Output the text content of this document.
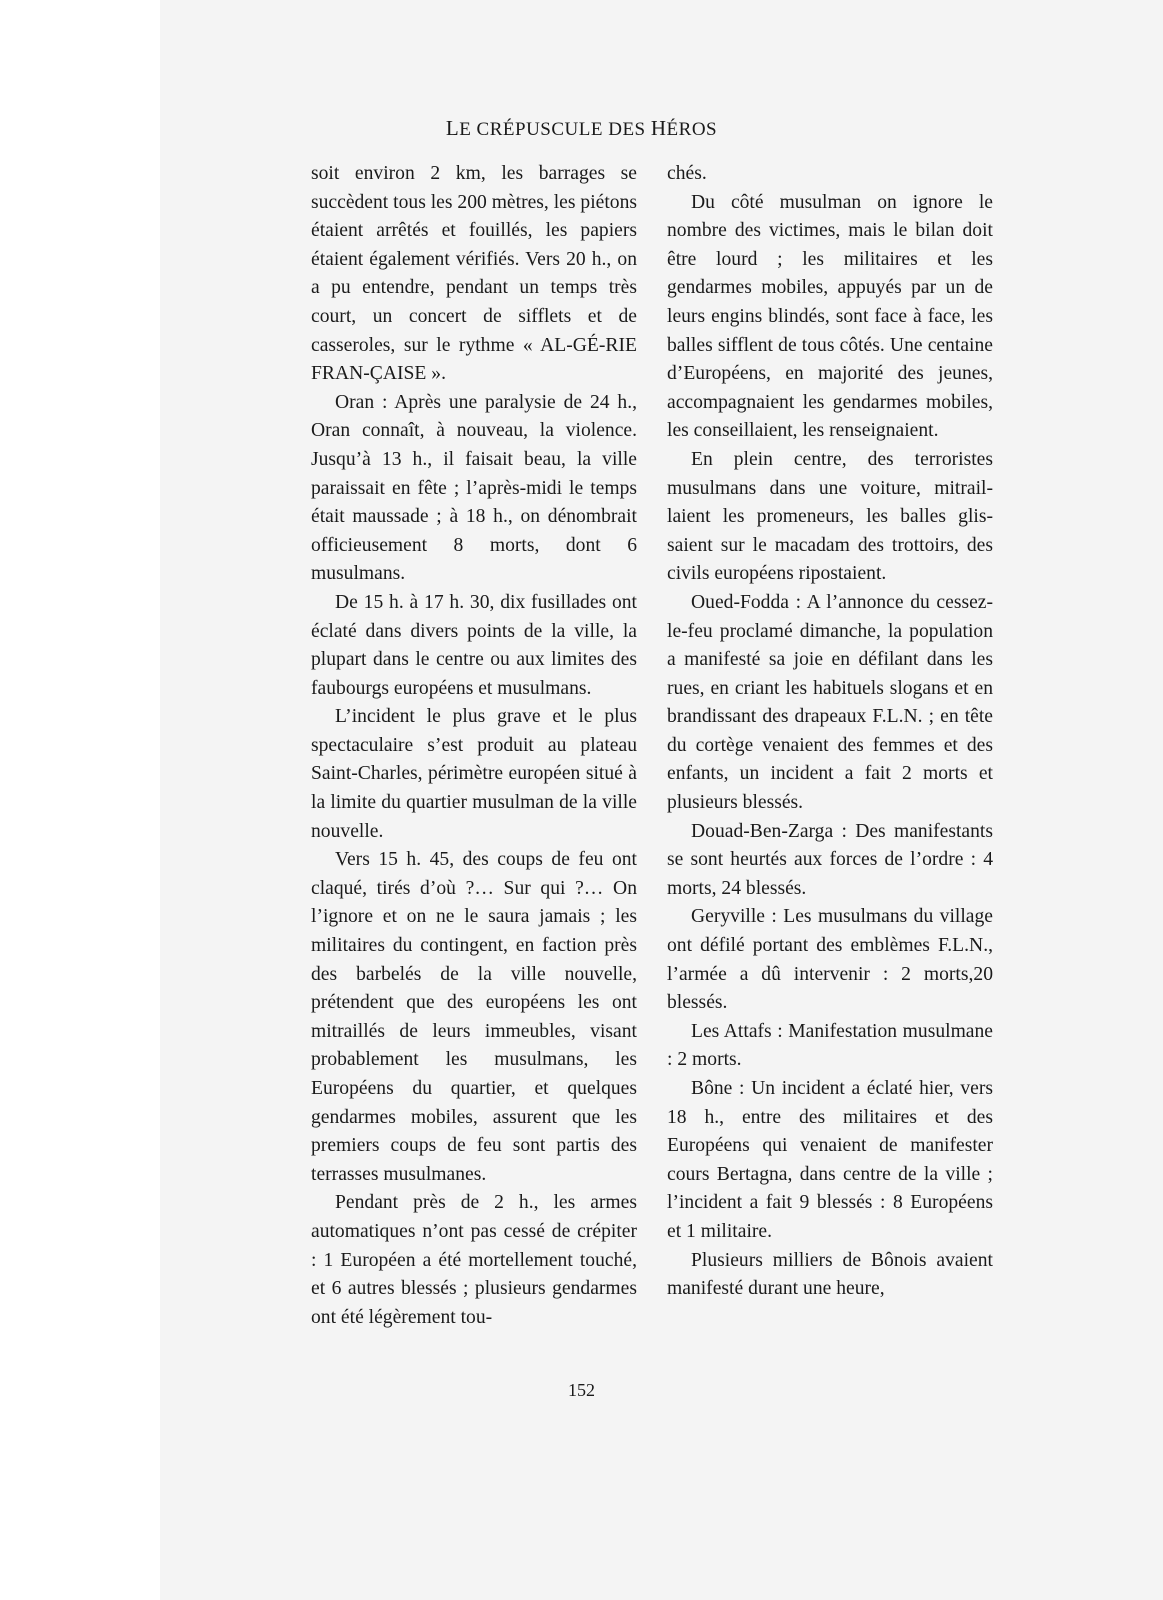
LE CRÉPUSCULE DES HÉROS

soit environ 2 km, les barrages se succèdent tous les 200 mètres, les piétons étaient arrêtés et fouillés, les papiers étaient également vérifiés. Vers 20 h., on a pu entendre, pendant un temps très court, un concert de sifflets et de casseroles, sur le rythme « AL-GÉ-RIE FRAN-ÇAISE ».

Oran : Après une paralysie de 24 h., Oran connaît, à nouveau, la violence. Jusqu’à 13 h., il faisait beau, la ville paraissait en fête ; l’après-midi le temps était maussade ; à 18 h., on dénombrait officieusement 8 morts, dont 6 musulmans.

De 15 h. à 17 h. 30, dix fusillades ont éclaté dans divers points de la ville, la plupart dans le centre ou aux limites des faubourgs européens et musulmans.

L’incident le plus grave et le plus spectaculaire s’est produit au plateau Saint-Charles, périmètre européen situé à la limite du quartier musulman de la ville nouvelle.

Vers 15 h. 45, des coups de feu ont claqué, tirés d’où ?… Sur qui ?… On l’ignore et on ne le saura jamais ; les militaires du contingent, en faction près des barbelés de la ville nouvelle, prétendent que des européens les ont mitraillés de leurs immeubles, visant probablement les musulmans, les Européens du quartier, et quelques gendarmes mobiles, assurent que les premiers coups de feu sont partis des terrasses musulmanes.

Pendant près de 2 h., les armes automatiques n’ont pas cessé de crépiter : 1 Européen a été mortellement touché, et 6 autres blessés ; plusieurs gendarmes ont été légèrement tou-

chés.

Du côté musulman on ignore le nombre des victimes, mais le bilan doit être lourd ; les militaires et les gendarmes mobiles, appuyés par un de leurs engins blindés, sont face à face, les balles sifflent de tous côtés. Une centaine d’Européens, en majorité des jeunes, accompagnaient les gendarmes mobiles, les conseillaient, les renseignaient.

En plein centre, des terroristes musulmans dans une voiture, mitraillaient les promeneurs, les balles glissaient sur le macadam des trottoirs, des civils européens ripostaient.

Oued-Fodda : A l’annonce du cessez-le-feu proclamé dimanche, la population a manifesté sa joie en défilant dans les rues, en criant les habituels slogans et en brandissant des drapeaux F.L.N. ; en tête du cortège venaient des femmes et des enfants, un incident a fait 2 morts et plusieurs blessés.

Douad-Ben-Zarga : Des manifestants se sont heurtés aux forces de l’ordre : 4 morts, 24 blessés.

Geryville : Les musulmans du village ont défilé portant des emblèmes F.L.N., l’armée a dû intervenir : 2 morts,20 blessés.

Les Attafs : Manifestation musulmane : 2 morts.

Bône : Un incident a éclaté hier, vers 18 h., entre des militaires et des Européens qui venaient de manifester cours Bertagna, dans centre de la ville ; l’incident a fait 9 blessés : 8 Européens et 1 militaire.

Plusieurs milliers de Bônois avaient manifesté durant une heure,

152
